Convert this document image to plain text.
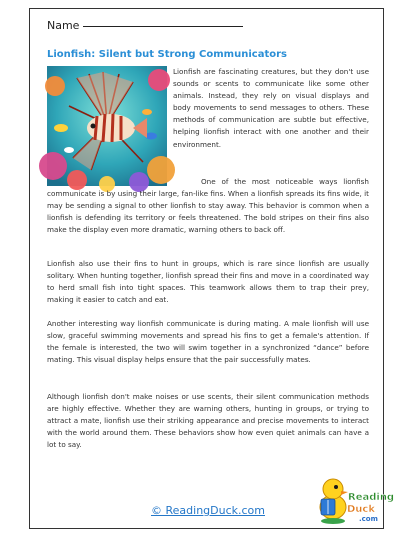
Name
Lionfish: Silent but Strong Communicators

Lionfish are fascinating creatures, but they don't use sounds or scents to communicate like some other animals. Instead, they rely on visual displays and body movements to send messages to others. These methods of communication are subtle but effective, helping lionfish interact with one another and their environment.

One of the most noticeable ways lionfish communicate is by using their large, fan-like fins. When a lionfish spreads its fins wide, it may be sending a signal to other lionfish to stay away. This behavior is common when a lionfish is defending its territory or feels threatened. The bold stripes on their fins also make the display even more dramatic, warning others to back off.

Lionfish also use their fins to hunt in groups, which is rare since lionfish are usually solitary. When hunting together, lionfish spread their fins and move in a coordinated way to herd small fish into tight spaces. This teamwork allows them to trap their prey, making it easier to catch and eat.

Another interesting way lionfish communicate is during mating. A male lionfish will use slow, graceful swimming movements and spread his fins to get a female's attention. If the female is interested, the two will swim together in a synchronized “dance” before mating. This visual display helps ensure that the pair successfully mates.

Although lionfish don't make noises or use scents, their silent communication methods are highly effective. Whether they are warning others, hunting in groups, or trying to attract a mate, lionfish use their striking appearance and precise movements to interact with the world around them. These behaviors show how even quiet animals can have a lot to say.

© ReadingDuck.com
Reading
Duck
.com
